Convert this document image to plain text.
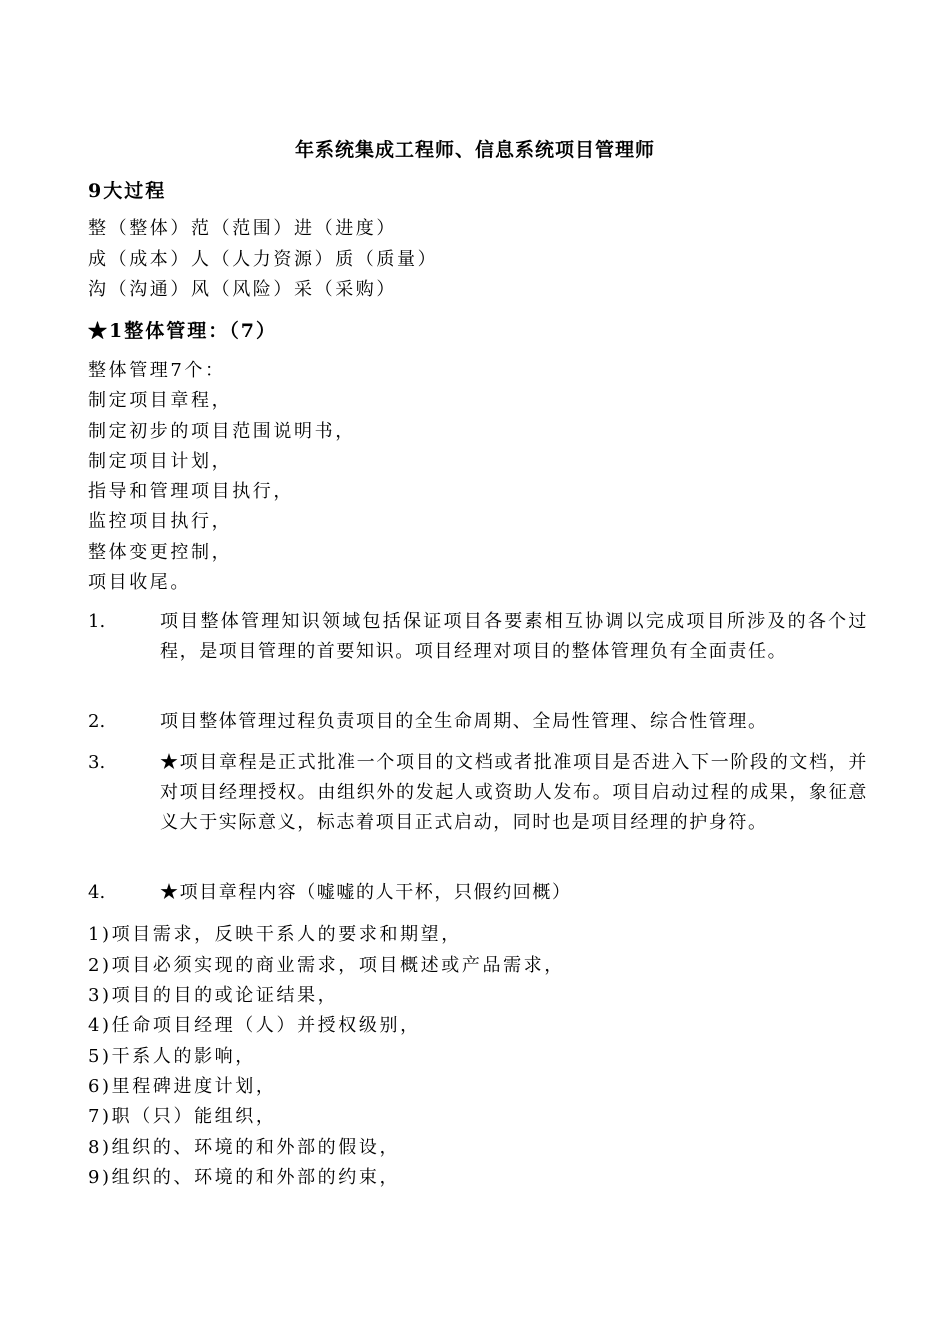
年系统集成工程师、信息系统项目管理师
9大过程
整（整体）范（范围）进（进度）
成（成本）人（人力资源）质（质量）
沟（沟通）风（风险）采（采购）
★1整体管理：（7）
整体管理7个：
制定项目章程，
制定初步的项目范围说明书，
制定项目计划，
指导和管理项目执行，
监控项目执行，
整体变更控制，
项目收尾。
1.	项目整体管理知识领域包括保证项目各要素相互协调以完成项目所涉及的各个过程，是项目管理的首要知识。项目经理对项目的整体管理负有全面责任。
2.	项目整体管理过程负责项目的全生命周期、全局性管理、综合性管理。
3.	★项目章程是正式批准一个项目的文档或者批准项目是否进入下一阶段的文档，并对项目经理授权。由组织外的发起人或资助人发布。项目启动过程的成果，象征意义大于实际意义，标志着项目正式启动，同时也是项目经理的护身符。
4.	★项目章程内容（嘘嘘的人干杯，只假约回概）
1)项目需求，反映干系人的要求和期望，
2)项目必须实现的商业需求，项目概述或产品需求，
3)项目的目的或论证结果，
4)任命项目经理（人）并授权级别，
5)干系人的影响，
6)里程碑进度计划，
7)职（只）能组织，
8)组织的、环境的和外部的假设，
9)组织的、环境的和外部的约束，
